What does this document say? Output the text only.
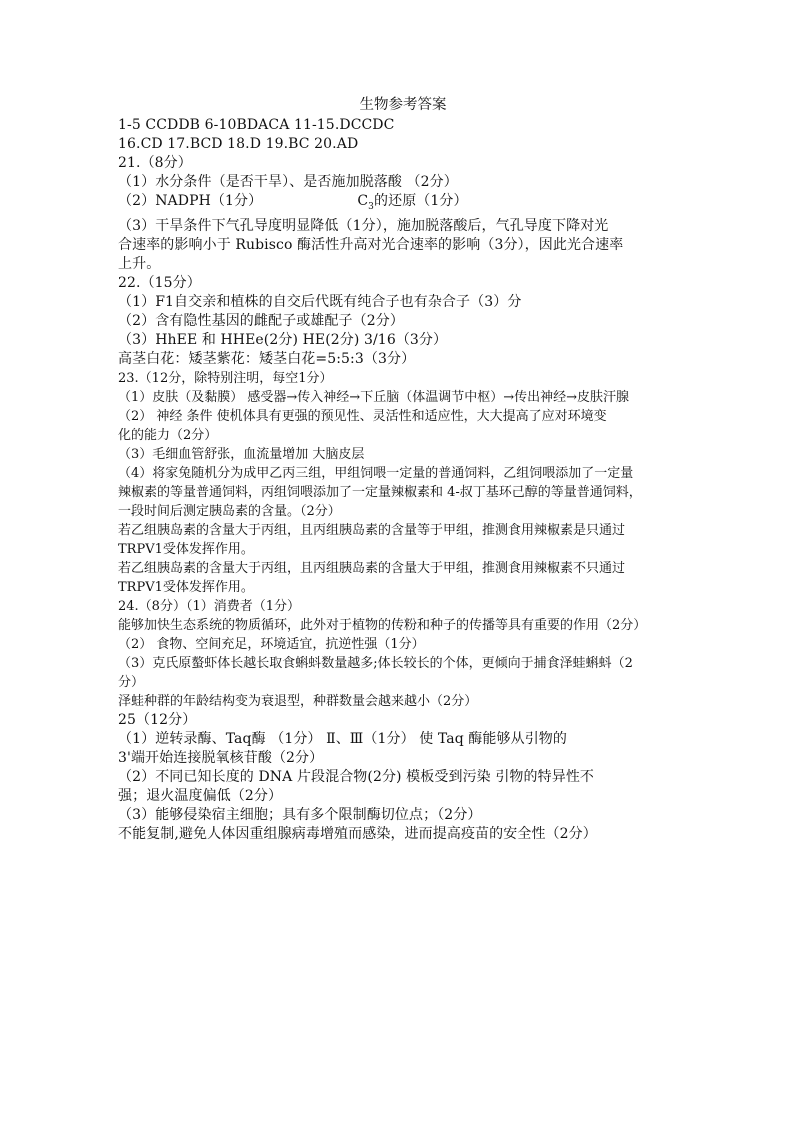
生物参考答案
1-5 CCDDB 6-10BDACA 11-15.DCCDC
16.CD 17.BCD 18.D 19.BC 20.AD
21.（8分）
（1）水分条件（是否干旱）、是否施加脱落酸 （2分）
（2）NADPH（1分）	$C_3$的还原（1分）
（3）干旱条件下气孔导度明显降低（1分），施加脱落酸后，气孔导度下降对光
合速率的影响小于 Rubisco 酶活性升高对光合速率的影响（3分），因此光合速率
上升。
22.（15分）
（1）F1自交亲和植株的自交后代既有纯合子也有杂合子（3）分
（2）含有隐性基因的雌配子或雄配子（2分）
（3）HhEE 和 HHEe(2分) HE(2分) 3/16（3分）
高茎白花：矮茎紫花：矮茎白花=5:5:3（3分）
23.（12分，除特别注明，每空1分）
（1）皮肤（及黏膜） 感受器→传入神经→下丘脑（体温调节中枢）→传出神经→皮肤汗腺
（2） 神经 条件 使机体具有更强的预见性、灵活性和适应性，大大提高了应对环境变
化的能力（2分）
（3）毛细血管舒张，血流量增加 大脑皮层
（4）将家兔随机分为成甲乙丙三组，甲组饲喂一定量的普通饲料，乙组饲喂添加了一定量
辣椒素的等量普通饲料，丙组饲喂添加了一定量辣椒素和 4-叔丁基环己醇的等量普通饲料，
一段时间后测定胰岛素的含量。（2分）
若乙组胰岛素的含量大于丙组，且丙组胰岛素的含量等于甲组，推测食用辣椒素是只通过
TRPV1受体发挥作用。
若乙组胰岛素的含量大于丙组，且丙组胰岛素的含量大于甲组，推测食用辣椒素不只通过
TRPV1受体发挥作用。
24.（8分）（1）消费者（1分）
能够加快生态系统的物质循环，此外对于植物的传粉和种子的传播等具有重要的作用（2分）
（2） 食物、空间充足，环境适宜，抗逆性强（1分）
（3）克氏原螯虾体长越长取食蝌蚪数量越多;体长较长的个体，更倾向于捕食泽蛙蝌蚪（2
分）
泽蛙种群的年龄结构变为衰退型，种群数量会越来越小（2分）
25（12分）
（1）逆转录酶、Taq酶 （1分） Ⅱ、Ⅲ（1分） 使 Taq 酶能够从引物的
3'端开始连接脱氧核苷酸（2分）
（2）不同已知长度的 DNA 片段混合物(2分) 模板受到污染 引物的特异性不
强；退火温度偏低（2分）
（3）能够侵染宿主细胞；具有多个限制酶切位点；（2分）
不能复制,避免人体因重组腺病毒增殖而感染，进而提高疫苗的安全性（2分）
